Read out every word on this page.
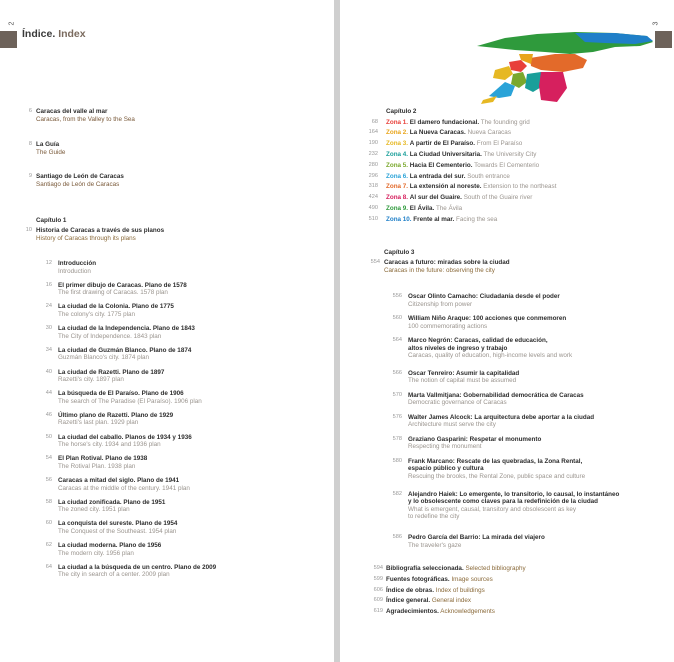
2
Índice. Index
6 Caracas del valle al mar
Caracas, from the Valley to the Sea
8 La Guía
The Guide
9 Santiago de León de Caracas
Santiago de León de Caracas
Capítulo 1
10 Historia de Caracas a través de sus planos
History of Caracas through its plans
12 Introducción
Introduction
16 El primer dibujo de Caracas. Plano de 1578
The first drawing of Caracas. 1578 plan
24 La ciudad de la Colonia. Plano de 1775
The colony's city. 1775 plan
30 La ciudad de la Independencia. Plano de 1843
The City of Independence. 1843 plan
34 La ciudad de Guzmán Blanco. Plano de 1874
Guzmán Blanco's city. 1874 plan
40 La ciudad de Razetti. Plano de 1897
Razetti's city. 1897 plan
44 La búsqueda de El Paraíso. Plano de 1906
The search of The Paradise (El Paraíso). 1906 plan
46 Último plano de Razetti. Plano de 1929
Razetti's last plan. 1929 plan
50 La ciudad del caballo. Planos de 1934 y 1936
The horse's city. 1934 and 1936 plan
54 El Plan Rotival. Plano de 1938
The Rotival Plan. 1938 plan
56 Caracas a mitad del siglo. Plano de 1941
Caracas at the middle of the century. 1941 plan
58 La ciudad zonificada. Plano de 1951
The zoned city. 1951 plan
60 La conquista del sureste. Plano de 1954
The Conquest of the Southeast. 1954 plan
62 La ciudad moderna. Plano de 1956
The modern city. 1956 plan
64 La ciudad a la búsqueda de un centro. Plano de 2009
The city in search of a center. 2009 plan
3
Capítulo 2
68 Zona 1. El damero fundacional. The founding grid
164 Zona 2. La Nueva Caracas. Nueva Caracas
190 Zona 3. A partir de El Paraíso. From El Paraíso
232 Zona 4. La Ciudad Universitaria. The University City
280 Zona 5. Hacia El Cementerio. Towards El Cementerio
296 Zona 6. La entrada del sur. South entrance
318 Zona 7. La extensión al noreste. Extension to the northeast
424 Zona 8. Al sur del Guaire. South of the Guaire river
490 Zona 9. El Ávila. The Ávila
510 Zona 10. Frente al mar. Facing the sea
Capítulo 3
554 Caracas a futuro: miradas sobre la ciudad
Caracas in the future: observing the city
556 Oscar Olinto Camacho: Ciudadanía desde el poder
Citizenship from power
560 William Niño Araque: 100 acciones que conmemoren
100 commemorating actions
564 Marco Negrón: Caracas, calidad de educación,
altos niveles de ingreso y trabajo
Caracas, quality of education, high-income levels and work
566 Oscar Tenreiro: Asumir la capitalidad
The notion of capital must be assumed
570 Marta Vallmitjana: Gobernabilidad democrática de Caracas
Democratic governance of Caracas
576 Walter James Alcock: La arquitectura debe aportar a la ciudad
Architecture must serve the city
578 Graziano Gasparini: Respetar el monumento
Respecting the monument
580 Frank Marcano: Rescate de las quebradas, la Zona Rental,
espacio público y cultura
Rescuing the brooks, the Rental Zone, public space and culture
582 Alejandro Haiek: Lo emergente, lo transitorio, lo causal, lo instantáneo
y lo obsolescente como claves para la redefinición de la ciudad
What is emergent, causal, transitory and obsolescent as key
to redefine the city
586 Pedro García del Barrio: La mirada del viajero
The traveler's gaze
594 Bibliografía seleccionada. Selected bibliography
599 Fuentes fotográficas. Image sources
606 Índice de obras. Index of buildings
609 Índice general. General index
619 Agradecimientos. Acknowledgements
